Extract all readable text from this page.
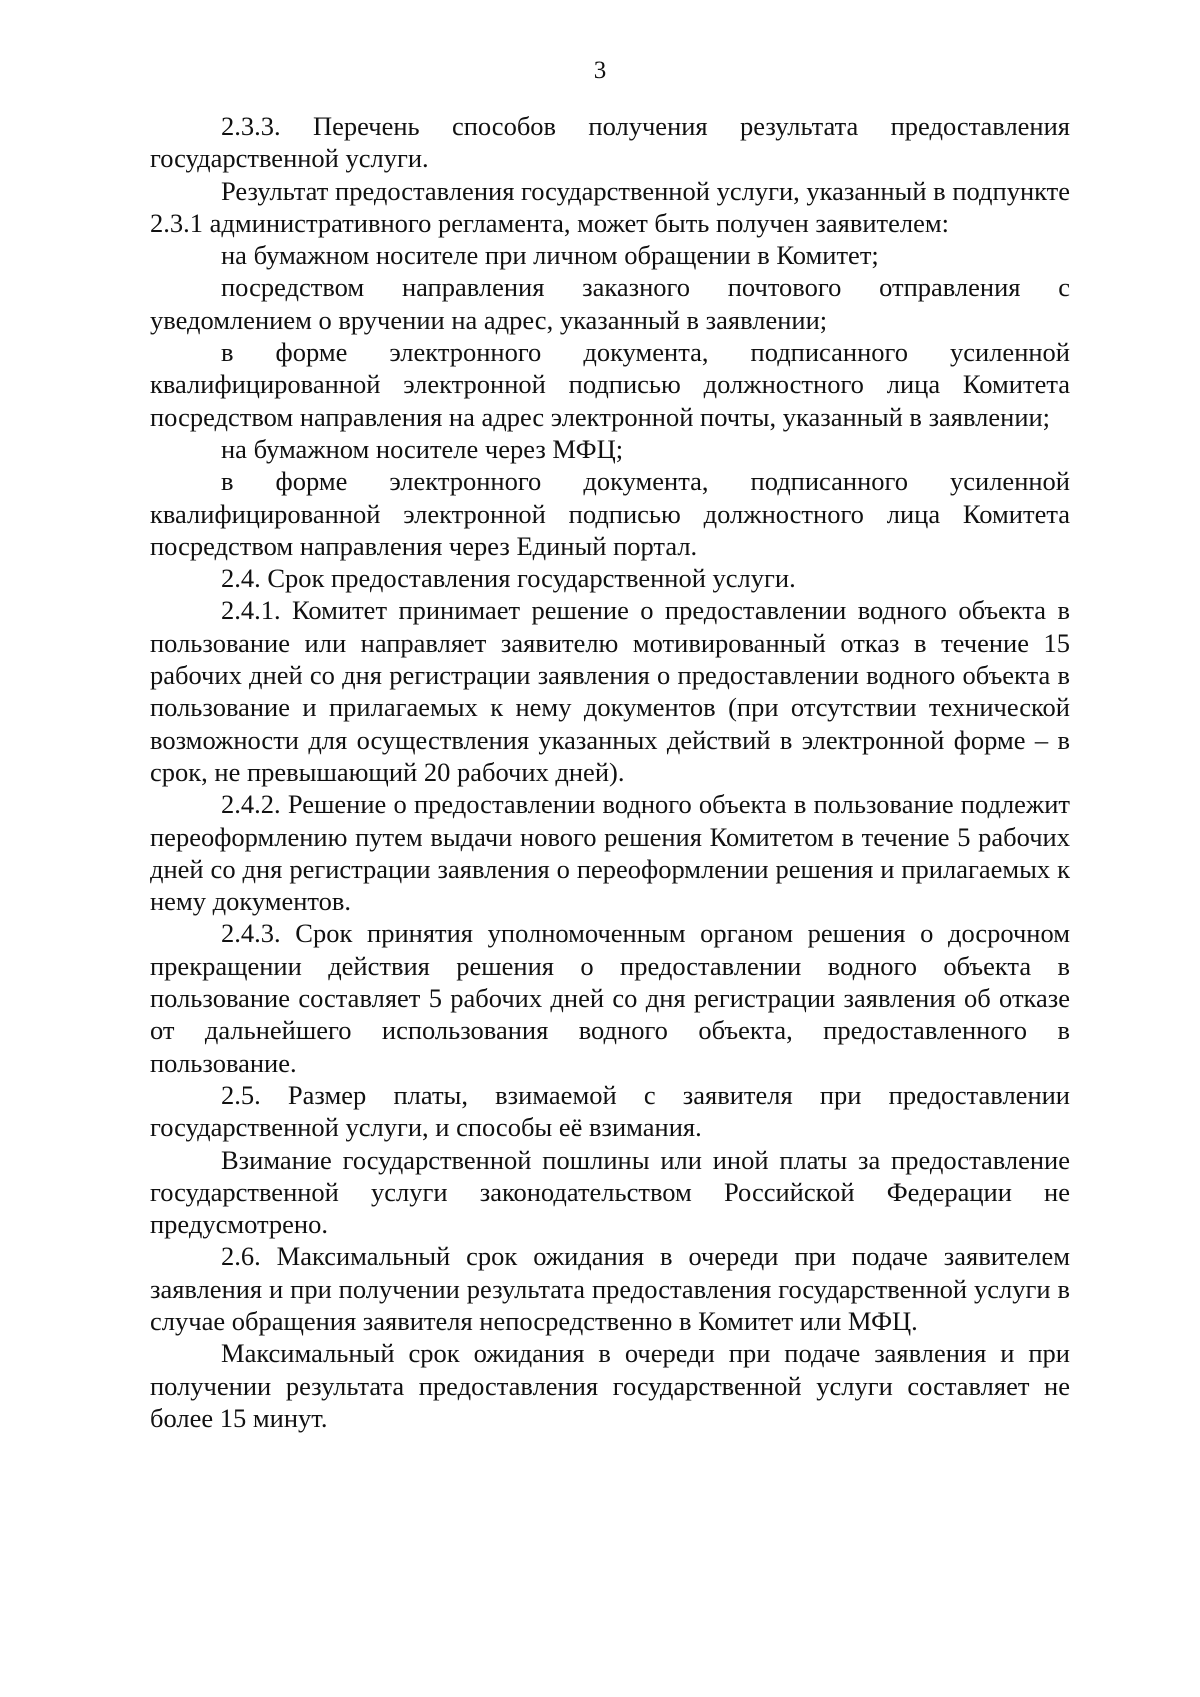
3

2.3.3. Перечень способов получения результата предоставления государственной услуги.

Результат предоставления государственной услуги, указанный в подпункте 2.3.1 административного регламента, может быть получен заявителем:

на бумажном носителе при личном обращении в Комитет;

посредством направления заказного почтового отправления с уведомлением о вручении на адрес, указанный в заявлении;

в форме электронного документа, подписанного усиленной квалифицированной электронной подписью должностного лица Комитета посредством направления на адрес электронной почты, указанный в заявлении;

на бумажном носителе через МФЦ;

в форме электронного документа, подписанного усиленной квалифицированной электронной подписью должностного лица Комитета посредством направления через Единый портал.

2.4. Срок предоставления государственной услуги.

2.4.1. Комитет принимает решение о предоставлении водного объекта в пользование или направляет заявителю мотивированный отказ в течение 15 рабочих дней со дня регистрации заявления о предоставлении водного объекта в пользование и прилагаемых к нему документов (при отсутствии технической возможности для осуществления указанных действий в электронной форме – в срок, не превышающий 20 рабочих дней).

2.4.2. Решение о предоставлении водного объекта в пользование подлежит переоформлению путем выдачи нового решения Комитетом в течение 5 рабочих дней со дня регистрации заявления о переоформлении решения и прилагаемых к нему документов.

2.4.3. Срок принятия уполномоченным органом решения о досрочном прекращении действия решения о предоставлении водного объекта в пользование составляет 5 рабочих дней со дня регистрации заявления об отказе от дальнейшего использования водного объекта, предоставленного в пользование.

2.5. Размер платы, взимаемой с заявителя при предоставлении государственной услуги, и способы её взимания.

Взимание государственной пошлины или иной платы за предоставление государственной услуги законодательством Российской Федерации не предусмотрено.

2.6. Максимальный срок ожидания в очереди при подаче заявителем заявления и при получении результата предоставления государственной услуги в случае обращения заявителя непосредственно в Комитет или МФЦ.

Максимальный срок ожидания в очереди при подаче заявления и при получении результата предоставления государственной услуги составляет не более 15 минут.
